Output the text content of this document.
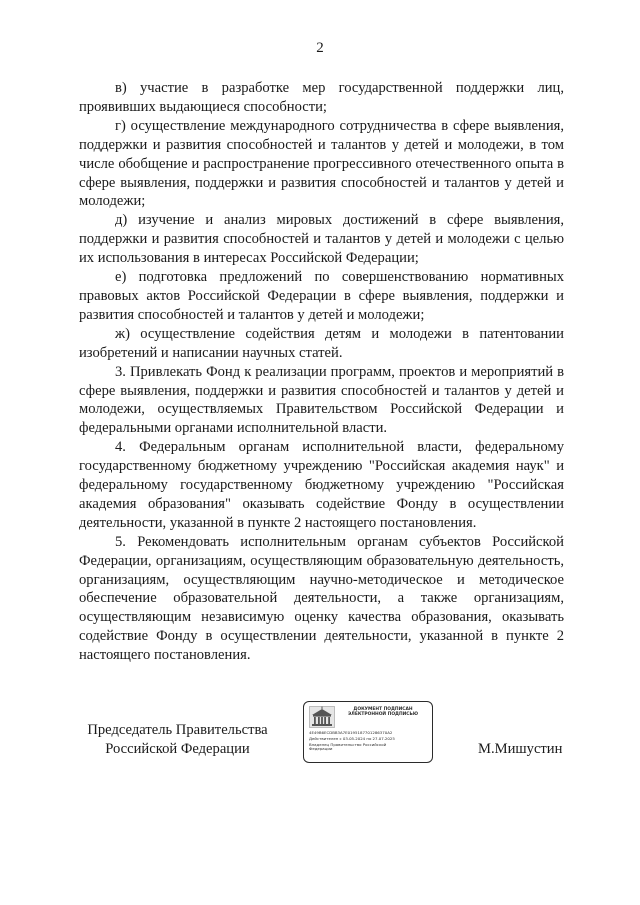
2

в) участие в разработке мер государственной поддержки лиц, проявивших выдающиеся способности;

г) осуществление международного сотрудничества в сфере выявления, поддержки и развития способностей и талантов у детей и молодежи, в том числе обобщение и распространение прогрессивного отечественного опыта в сфере выявления, поддержки и развития способностей и талантов у детей и молодежи;

д) изучение и анализ мировых достижений в сфере выявления, поддержки и развития способностей и талантов у детей и молодежи с целью их использования в интересах Российской Федерации;

е) подготовка предложений по совершенствованию нормативных правовых актов Российской Федерации в сфере выявления, поддержки и развития способностей и талантов у детей и молодежи;

ж) осуществление содействия детям и молодежи в патентовании изобретений и написании научных статей.

3. Привлекать Фонд к реализации программ, проектов и мероприятий в сфере выявления, поддержки и развития способностей и талантов у детей и молодежи, осуществляемых Правительством Российской Федерации и федеральными органами исполнительной власти.

4. Федеральным органам исполнительной власти, федеральному государственному бюджетному учреждению "Российская академия наук" и федеральному государственному бюджетному учреждению "Российская академия образования" оказывать содействие Фонду в осуществлении деятельности, указанной в пункте 2 настоящего постановления.

5. Рекомендовать исполнительным органам субъектов Российской Федерации, организациям, осуществляющим образовательную деятельность, организациям, осуществляющим научно-методическое и методическое обеспечение образовательной деятельности, а также организациям, осуществляющим независимую оценку качества образования, оказывать содействие Фонду в осуществлении деятельности, указанной в пункте 2 настоящего постановления.

Председатель Правительства
Российской Федерации
ДОКУМЕНТ ПОДПИСАН
ЭЛЕКТРОННОЙ ПОДПИСЬЮ
4E49B6ECDBB3A7E0195187701286370A2
Действителен с 03.05.2024 по 27.07.2025
Владелец Правительство Российской
Федерации	М.Мишустин
